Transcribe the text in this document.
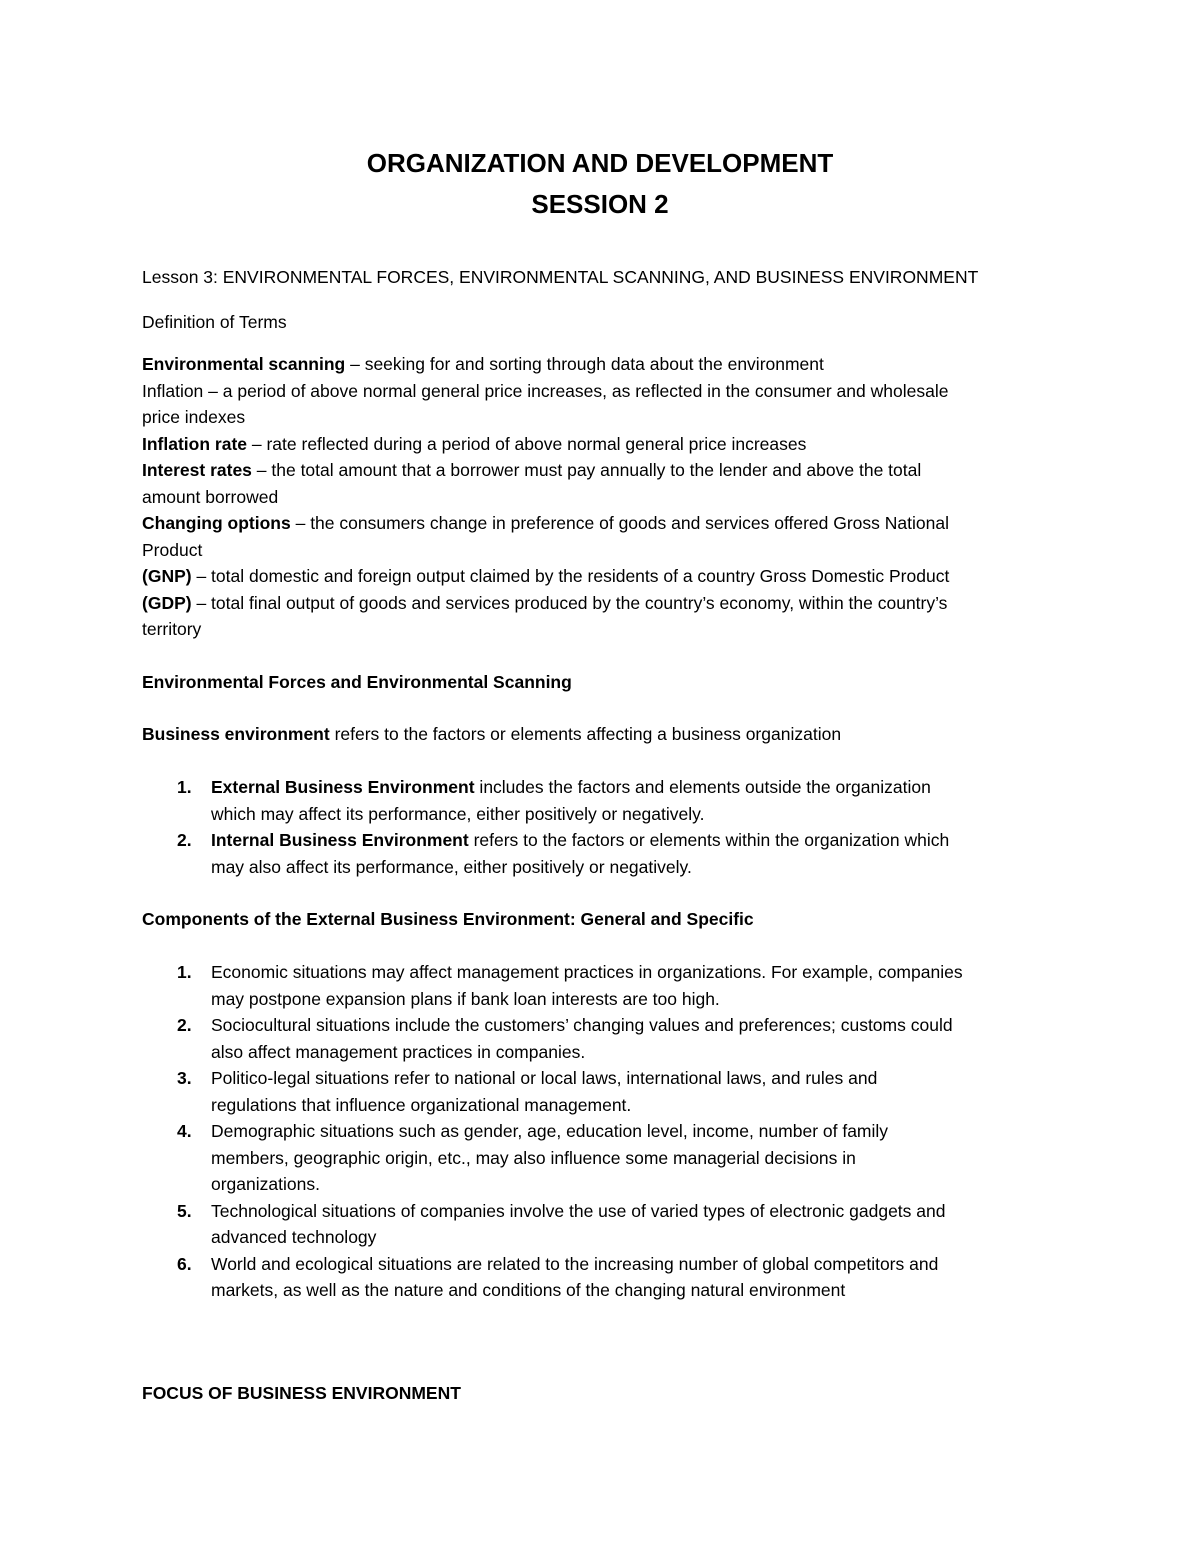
ORGANIZATION AND DEVELOPMENT
SESSION 2

Lesson 3: ENVIRONMENTAL FORCES, ENVIRONMENTAL SCANNING, AND BUSINESS ENVIRONMENT

Definition of Terms

Environmental scanning – seeking for and sorting through data about the environment
Inflation – a period of above normal general price increases, as reflected in the consumer and wholesale
price indexes
Inflation rate – rate reflected during a period of above normal general price increases
Interest rates – the total amount that a borrower must pay annually to the lender and above the total
amount borrowed
Changing options – the consumers change in preference of goods and services offered Gross National
Product
(GNP) – total domestic and foreign output claimed by the residents of a country Gross Domestic Product
(GDP) – total final output of goods and services produced by the country’s economy, within the country’s
territory

Environmental Forces and Environmental Scanning

Business environment refers to the factors or elements affecting a business organization

1. External Business Environment includes the factors and elements outside the organization
which may affect its performance, either positively or negatively.
2. Internal Business Environment refers to the factors or elements within the organization which
may also affect its performance, either positively or negatively.

Components of the External Business Environment: General and Specific

1. Economic situations may affect management practices in organizations. For example, companies
may postpone expansion plans if bank loan interests are too high.
2. Sociocultural situations include the customers’ changing values and preferences; customs could
also affect management practices in companies.
3. Politico-legal situations refer to national or local laws, international laws, and rules and
regulations that influence organizational management.
4. Demographic situations such as gender, age, education level, income, number of family
members, geographic origin, etc., may also influence some managerial decisions in
organizations.
5. Technological situations of companies involve the use of varied types of electronic gadgets and
advanced technology
6. World and ecological situations are related to the increasing number of global competitors and
markets, as well as the nature and conditions of the changing natural environment

FOCUS OF BUSINESS ENVIRONMENT
